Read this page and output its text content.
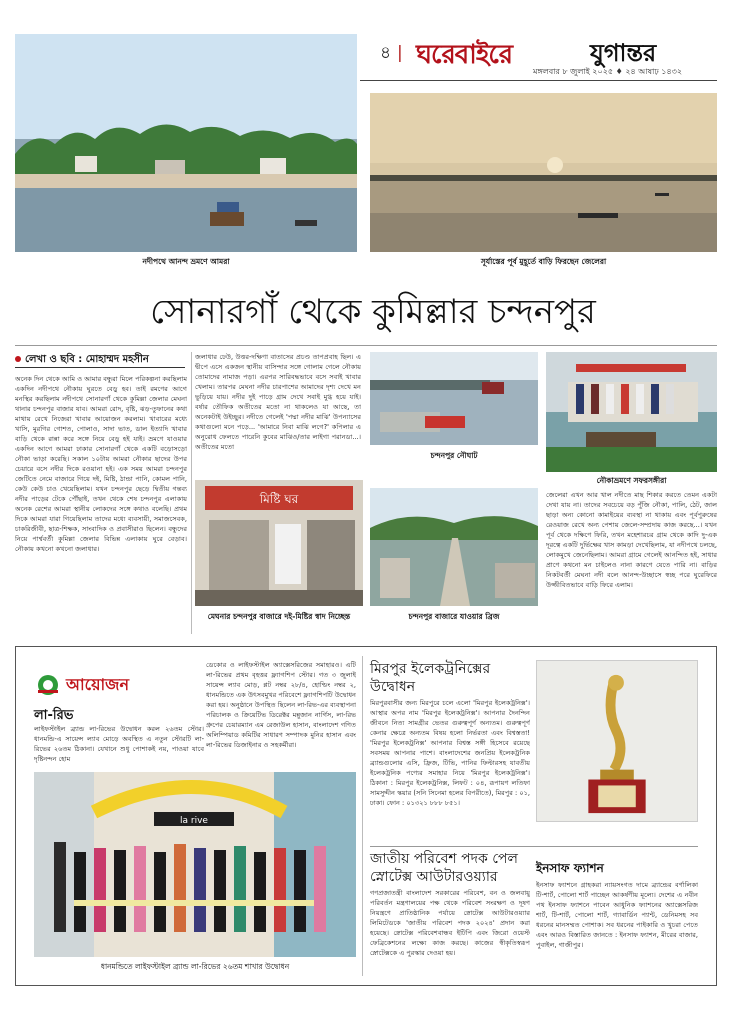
৪ | ঘরেবাইরে	যুগান্তর
মঙ্গলবার ৮ জুলাই ২০২৫ ♦ ২৪ আষাঢ় ১৪৩২
নদীপথে আনন্দ ভ্রমণে আমরা	সূর্যাস্তের পূর্ব মুহূর্তে বাড়ি ফিরছেন জেলেরা
সোনারগাঁ থেকে কুমিল্লার চন্দনপুর
লেখা ও ছবি : মোহাম্মদ মহসীন

অনেক দিন থেকে আমি ও আমার বন্ধুরা মিলে পরিকল্পনা করছিলাম একদিন নদীপথে নৌকায় ঘুরতে বেড়ু হব। তাই রমণের আগে মনস্থির করছিলাম নদীপথে সোনারগাঁ থেকে কুমিল্লা জেলার মেঘনা থানার চন্দনপুর বাজার যাব। আমরা রোদ, বৃষ্টি, ঝড়-তুফানের কথা মাথায় রেখে নিজেরা খাবার আয়োজন করলাম। খাবারের মধ্যে খাসি, মুরগির গোশত, পোলাও, সাদা ভাত, ডাল ইত্যাদি খাবার বাড়ি থেকে রান্না করে সঙ্গে নিয়ে বেড়ু হই যাই। ভ্রমণে যাওয়ার একদিন আগে আমরা ঢাকার সোনারগাঁ থেকে একটি বড়োসড়ো নৌকা ভাড়া করেছি। সকাল ১০টায় আমরা নৌকার ছাদের উপর চেয়ারে বসে নদীর দিকে রওয়ানা হই। এক সময় আমরা চন্দনপুর জেটিতে নেমে বাজারে গিয়ে দই, মিষ্টি, ঠান্ডা পানি, কোমল পানি, কেউ কেউ চাও খেয়েছিলাম। যখন চন্দনপুর ছেড়ে দ্বিতীয় গন্তব্য নদীর পাড়ের টেকে পৌঁছাই, তখন থেকে শেষ চন্দনপুর এলাকায় অনেক রেশের আমরা স্থানীয় লোকদের সঙ্গে কথাও বলেছি। প্রথম দিকে আমরা যারা গিয়েছিলাম তাদের মধ্যে ব্যবসায়ী, সমাজসেবক, চাকরিজীবী, ছাত্র-শিক্ষক, সাংবাদিক ও প্রবাসীরাও ছিলেন। বন্ধুদের নিয়ে পার্শ্ববর্তী কুমিল্লা জেলার বিভিন্ন এলাকায় ঘুরে বেড়াব। নৌকায় কখনো কখনো জলাধার।

জলাধার ঢেউ, উত্তর-দক্ষিণা বাতাসের প্রচণ্ড তাপপ্রবাহ ছিল। এ দ্বীপে এসে একজন স্থানীয় বাসিন্দার সঙ্গে গোলাম গেলে নৌকায় তোমাদের নামাজ পড়া। এরপর সারিবদ্ধভাবে বসে সবাই খাবার খেলাম। তারপর মেঘনা নদীর চারপাশের আমাদের দৃশ্য দেখে মন ভুড়িয়ে যায়। নদীর দুই পাড়ে গ্রাম দেখে সবাই মুগ্ধ হয়ে যাই। বর্ষার তৌফিক অতীতের মতো না থাকলেও যা আছে, তা অনেকটাই উইচ্ছুর। নদীতে গেলেই 'পদ্মা নদীর মাঝি' উপন্যাসের কথাগুলো মনে পড়ে... 'আমারে নিবা মাঝি লগে?' কপিলার এ অনুরোধ ফেলতে পারেনি কুবের মাঝিও/তার লাইগা পরানডা...। অতীতের মতো

চন্দনপুর নৌঘাট
নৌকাভ্রমণে সফরসঙ্গীরা
মিষ্টি ঘর
মেঘনার চন্দনপুর বাজারে দই-মিষ্টির স্বাদ নিচ্ছেন্ত	চন্দনপুর বাজারে যাওয়ার ব্রিজ

জেলেরা এখন আর খাল নদীতে মাছ শিকার করতে তেমন একটা দেখা যায় না। তাদের সবচেয়ে বড় পুঁজি নৌকা, পালি, ঠেট, জাল ছাড়া অন্য কোনো কামাইয়ের ব্যবস্থা না থাকায় এবং পূর্বপুরুষের রেওয়াজ রেখে অন্য পেশায় জেলে-সম্প্রদায় কাজ করছে...। যখন পূর্ব থেকে দক্ষিণে ফিরি, তখন মহেশারচর গ্রাম থেকে কাদি দু-এক দূরত্বে একটি দুর্ভিক্ষের খাস কামড়া দেখেছিলাম, যা নদীপথে চলছে, লোকমুখে জেনেছিলাম। আমরা গ্রামে গেলেই আনন্দিত হই, সাধার প্রাণে কথনো মন চাইলেও নানা কারণে যেতে পারি না। বাড়ির নিকটবর্তী মেঘনা নদী বলে আনন্দ-উচ্ছাসে স্বচ্ছ পরে ঘুরেফিরে উজ্জীবিতভাবে বাড়ি ফিরে এলাম।

আয়োজন
লা-রিভ

লাইফস্টাইল ব্র্যান্ড লা-রিভের উদ্বোধন করল ২৬তম স্টোর। ধানমন্ডি-এ সায়েন্স ল্যাব মোড়ে অবস্থিত এ নতুন স্টোরটি লা-রিভের ২৬তম ঠিকানা। যেখানে শুধু পোশাকই নয়, পাওয়া যাবে দৃষ্টিনন্দন হোম

ডেকোর ও লাইফস্টাইল অ্যাক্সেসরিজের সমাহারও। এটি লা-রিভের প্রথম বৃহত্তর ফ্ল্যাগশিপ স্টোর। গত ৩ জুলাই সায়েন্স ল্যাব মোড়, প্লট নম্বর ২৮/৪, হোল্ডিং নম্বর ২, ধানমন্ডিতে এক উৎসবমুখর পরিবেশে ফ্ল্যাগশিপটি উদ্বোধন করা হয়। অনুষ্ঠানে উপস্থিত ছিলেন লা-রিভ-এর ব্যবস্থাপনা পরিচালক ও ক্রিয়েটিভ ডিরেক্টর মন্নুজান নার্গিস, লা-রিভ গ্রুপের চেয়ারম্যান এম রেজাউল হাসান, বাংলাদেশ গণিত অলিম্পিয়াড কমিটির সাধারণ সম্পাদক মুনির হাসান এবং লা-রিভের ডিজাইনার ও সহকর্মীরা।

la rive
ধানমন্ডিতে লাইফস্টাইল ব্র্যান্ড লা-রিভের ২৬তম শাখার উদ্বোধন
মিরপুর ইলেকট্রনিক্সের উদ্বোধন

মিরপুরবাসীর জন্য মিরপুরে চলে এলো 'মিরপুর ইলেকট্রনিক্স'। আস্থার অপর নাম 'মিরপুর ইলেকট্রনিক্স'। আপনার দৈনন্দিন জীবনে নিত্য সামগ্রীর ভেতর গুরুত্বপূর্ণ অন্যতম। গুরুত্বপূর্ণ কেনার ক্ষেত্রে অন্যতম বিষয় হলো নির্ভরতা এবং বিশ্বস্ততা! 'মিরপুর ইলেকট্রনিক্স' আপনার বিশ্বস্ত সঙ্গী হিসেবে রয়েছে সবসময় আপনার পাশে। বাংলাদেশের জনপ্রিয় ইলেকট্রনিক ব্র্যান্ডগুলোর এসি, ফ্রিজ, টিভি, পানির ফিল্টারসহ যাবতীয় ইলেকট্রনিক পণ্যের সমাহার নিয়ে 'মিরপুর ইলেকট্রনিক্স'। ঠিকানা : মিরপুর ইলেকট্রনিক্স, লিফট : ০৪, রূপায়ণ লতিফা সামসুদ্দীন স্কয়ার (সনি সিনেমা হলের বিপরীতে), মিরপুর : ০১, ঢাকা। ফোন : ০১৩২১ ৮৮৮ ৮৫১।

জাতীয় পরিবেশ পদক পেল স্নোটেক্স আউটারওয়্যার

গণপ্রজাতন্ত্রী বাংলাদেশ সরকারের পরিবেশ, বন ও জলবায়ু পরিবর্তন মন্ত্রণালয়ের পক্ষ থেকে পরিবেশ সংরক্ষণ ও দূষণ নিয়ন্ত্রণে প্রাতিষ্ঠানিক পর্যায়ে স্নোটেক্স আউটারওয়্যার লিমিটেডকে 'জাতীয় পরিবেশ পদক ২০২৪' প্রদান করা হয়েছে। স্নোটেক্স পরিবেশবান্ধব ইটিপি এবং জিরো ওয়েস্ট ফেব্রিকেশনের লক্ষ্যে কাজ করছে। কাজের স্বীকৃতিস্বরূপ স্নোটেক্সকে এ পুরস্কার দেওয়া হয়।

ইনসাফ ফ্যাশন

ইনসাফ ফ্যাশনে গ্রাহকরা ন্যায়সংগত দামে ব্র্যান্ডের বর্ণালিকা টি-শার্ট, পোলো শার্ট পাচ্ছেন আকর্ষণীয় মূল্যে। দেশের এ নবীন পথ ইনসাফ ফ্যাশনে পাবেন আধুনিক ফ্যাশনের অ্যাক্সেসরিজ শার্ট, টি-শার্ট, পোলো শার্ট, গ্যাবার্ডিন প্যান্ট, ডেনিমসহ সব ধরনের মানসম্মত পোশাক। সব ধরনের পাইকারি ও খুচরা পেতে এবং আরও বিস্তারিত জানতে : ইনসাফ ফ্যাশন, মীরের বাজার, পুবাইল, গাজীপুর।
